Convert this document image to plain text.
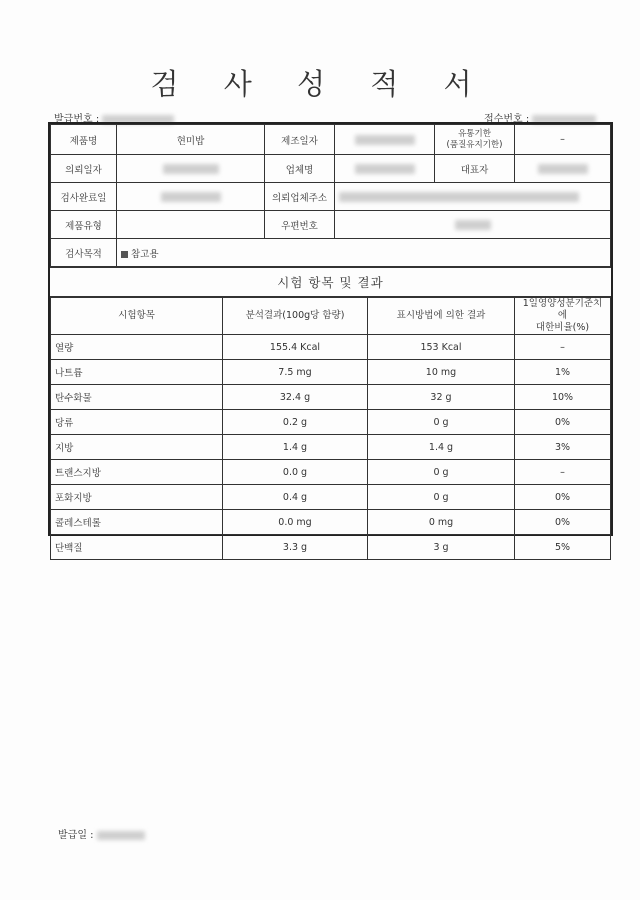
검 사 성 적 서
발급번호 :	접수번호 :
제품명	현미밥	제조일자		유통기한
(품질유지기한)	–
의뢰일자		업체명		대표자	
검사완료일		의뢰업체주소			
제품유형		우편번호			
검사목적	참고용				
시험 항목 및 결과
시험항목	분석결과(100g당 함량)	표시방법에 의한 결과	1일영양성분기준치에
대한비율(%)
열량	155.4 Kcal	153 Kcal	–
나트륨	7.5 mg	10 mg	1%
탄수화물	32.4 g	32 g	10%
당류	0.2 g	0 g	0%
지방	1.4 g	1.4 g	3%
트랜스지방	0.0 g	0 g	–
포화지방	0.4 g	0 g	0%
콜레스테롤	0.0 mg	0 mg	0%
단백질	3.3 g	3 g	5%
발급일 :
